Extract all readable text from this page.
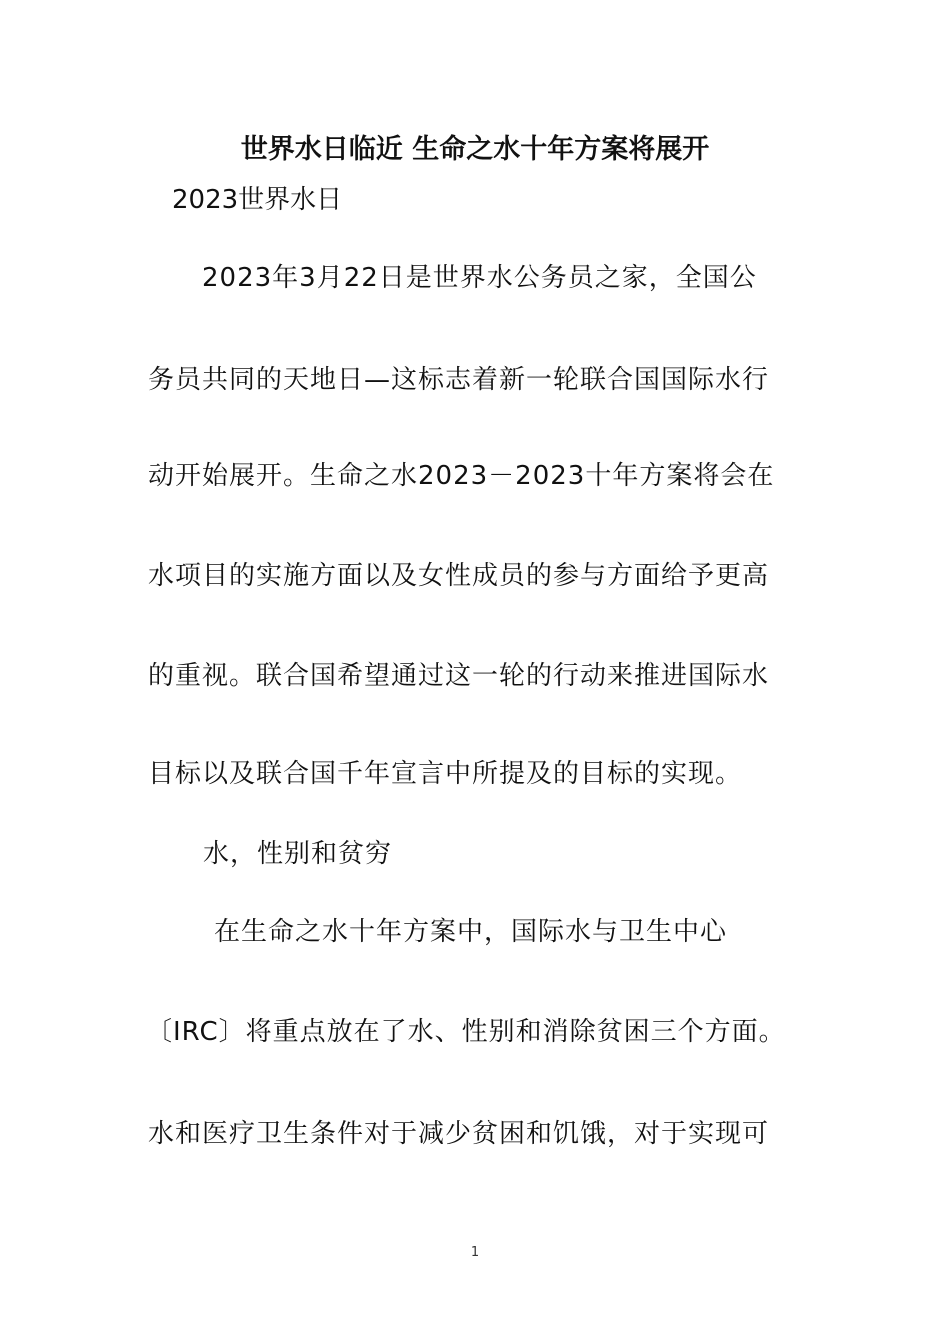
世界水日临近 生命之水十年方案将展开
2023世界水日
2023年3月22日是世界水公务员之家，全国公
务员共同的天地日—这标志着新一轮联合国国际水行
动开始展开。生命之水2023－2023十年方案将会在
水项目的实施方面以及女性成员的参与方面给予更高
的重视。联合国希望通过这一轮的行动来推进国际水
目标以及联合国千年宣言中所提及的目标的实现。
水，性别和贫穷
在生命之水十年方案中，国际水与卫生中心
〔IRC〕将重点放在了水、性别和消除贫困三个方面。
水和医疗卫生条件对于减少贫困和饥饿，对于实现可
1
